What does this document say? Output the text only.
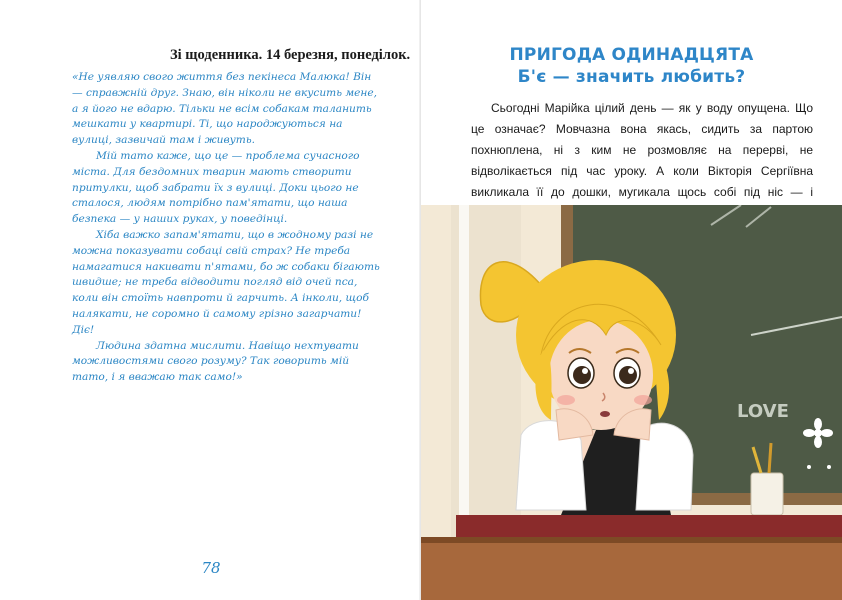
Зі щоденника. 14 березня, понеділок.

«Не уявляю свого життя без пекінеса Малюка! Він — справжній друг. Знаю, він ніколи не вкусить мене, а я його не вдарю. Тільки не всім собакам таланить мешкати у квартирі. Ті, що народжуються на вулиці, зазвичай там і живуть.

Мій тато каже, що це — проблема сучасного міста. Для бездомних тварин мають створити притулки, щоб забрати їх з вулиці. Доки цього не сталося, людям потрібно пам'ятати, що наша безпека — у наших руках, у поведінці.

Хіба важко запам'ятати, що в жодному разі не можна показувати собаці свій страх? Не треба намагатися накивати п'ятами, бо ж собаки бігають швидше; не треба відводити погляд від очей пса, коли він стоїть навпроти й гарчить. А інколи, щоб налякати, не соромно й самому грізно загарчати! Діє!

Людина здатна мислити. Навіщо нехтувати можливостями свого розуму? Так говорить мій тато, і я вважаю так само!»

78
ПРИГОДА ОДИНАДЦЯТА
Б'є — значить любить?

Сьогодні Марійка цілий день — як у воду опущена. Що це означає? Мовчазна вона якась, сидить за партою похнюплена, ні з ким не розмовляє на перерві, не відволікається під час уроку. А коли Вікторія Сергіївна викликала її до дошки, мугикала щось собі під ніс — і

LOVE
